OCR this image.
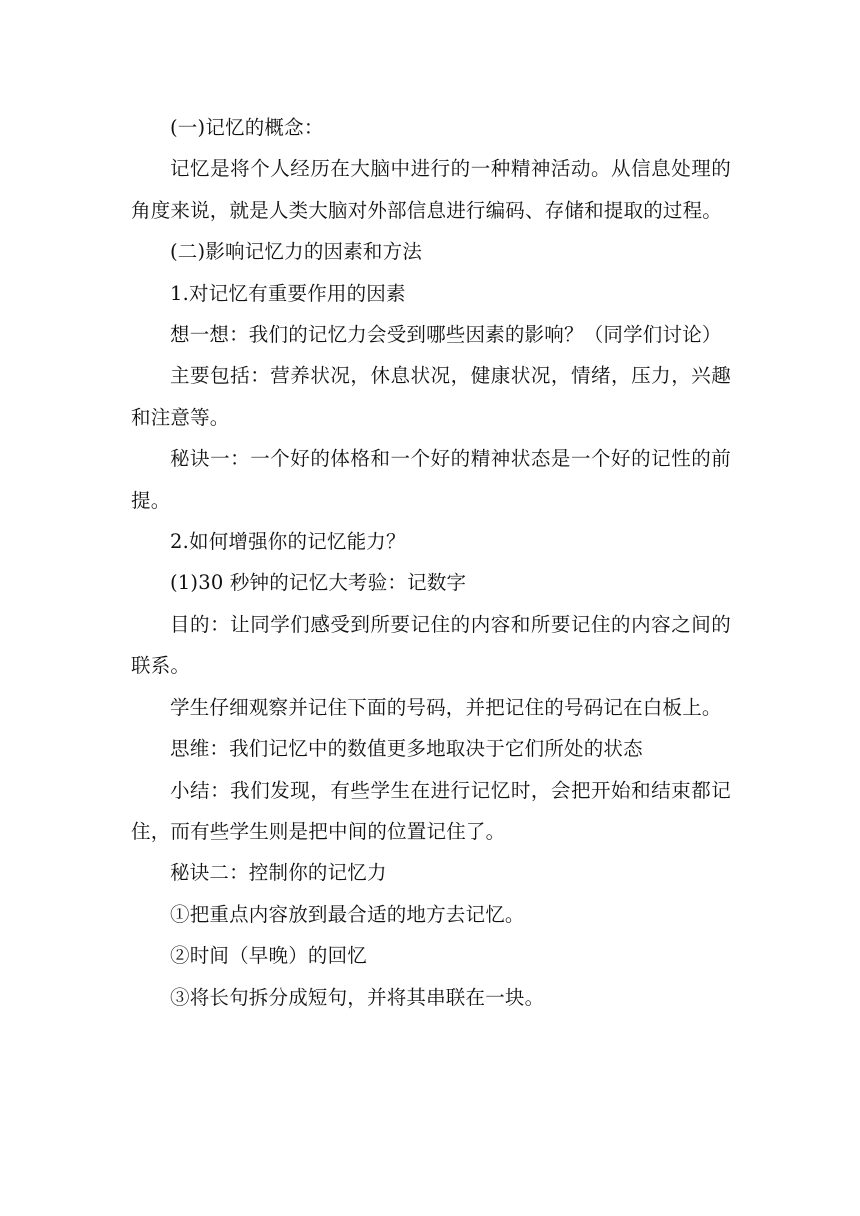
(一)记忆的概念：

记忆是将个人经历在大脑中进行的一种精神活动。从信息处理的角度来说，就是人类大脑对外部信息进行编码、存储和提取的过程。

(二)影响记忆力的因素和方法

1.对记忆有重要作用的因素

想一想：我们的记忆力会受到哪些因素的影响？（同学们讨论）

主要包括：营养状况，休息状况，健康状况，情绪，压力，兴趣和注意等。

秘诀一：一个好的体格和一个好的精神状态是一个好的记性的前提。

2.如何增强你的记忆能力？

(1)30 秒钟的记忆大考验：记数字

目的：让同学们感受到所要记住的内容和所要记住的内容之间的联系。

学生仔细观察并记住下面的号码，并把记住的号码记在白板上。

思维：我们记忆中的数值更多地取决于它们所处的状态

小结：我们发现，有些学生在进行记忆时，会把开始和结束都记住，而有些学生则是把中间的位置记住了。

秘诀二：控制你的记忆力

①把重点内容放到最合适的地方去记忆。

②时间（早晚）的回忆

③将长句拆分成短句，并将其串联在一块。
